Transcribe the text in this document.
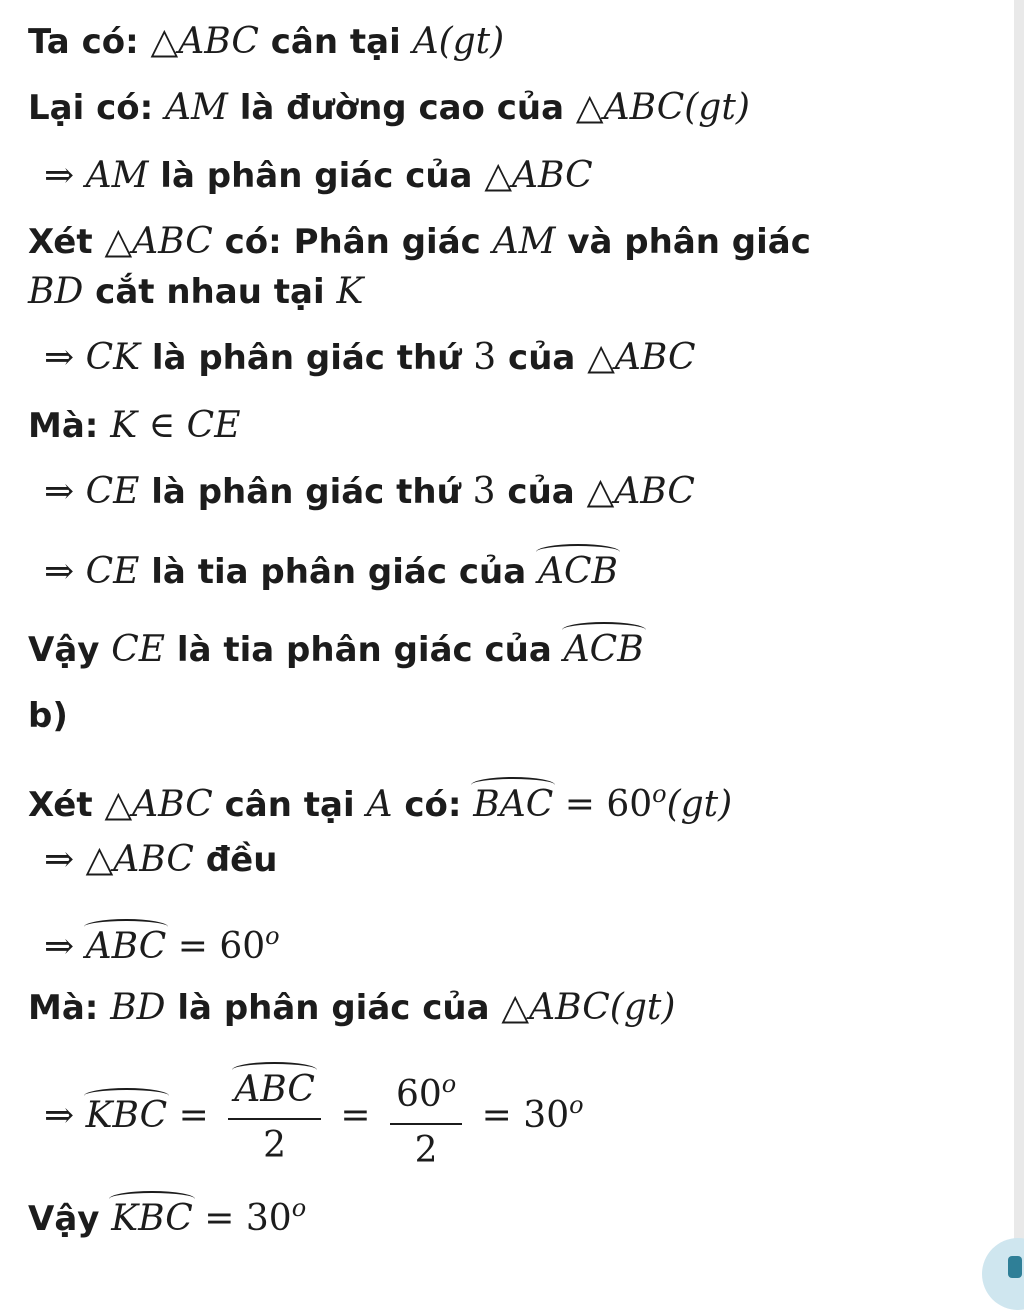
Ta có: △ABC cân tại A(gt)
Lại có: AM là đường cao của △ABC(gt)
⇒ AM là phân giác của △ABC
Xét △ABC có: Phân giác AM và phân giác
BD cắt nhau tại K
⇒ CK là phân giác thứ 3 của △ABC
Mà: K ∈ CE
⇒ CE là phân giác thứ 3 của △ABC
⇒ CE là tia phân giác của ACB
Vậy CE là tia phân giác của ACB
b)
Xét △ABC cân tại A có: BAC = $60^o(gt)$
⇒ △ABC đều
⇒ ABC = $60^o$
Mà: BD là phân giác của △ABC(gt)
⇒ KBC = $\frac{\text{ABC}}{2} = \frac{60^o}{2} = 30^o$
Vậy KBC = $30^o$
